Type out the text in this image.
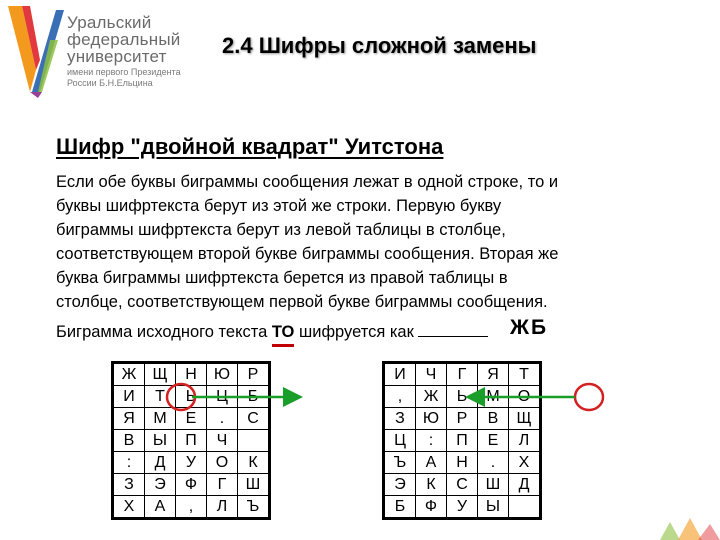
Уральский
федеральный
университет
имени первого Президента
России Б.Н.Ельцина
2.4 Шифры сложной замены
Шифр "двойной квадрат" Уитстона
Если обе буквы биграммы сообщения лежат в одной строке, то и
буквы шифртекста берут из этой же строки. Первую букву
биграммы шифртекста берут из левой таблицы в столбце,
соответствующем второй букве биграммы сообщения. Вторая же
буква биграммы шифртекста берется из правой таблицы в
столбце, соответствующем первой букве биграммы сообщения.
Биграмма исходного текста ТО
шифруется как	ЖБ
Ж	Щ	Н	Ю	Р
И	Т	Ь	Ц	Б
Я	М	Е	.	С
В	Ы	П	Ч	
:	Д	У	О	К
З	Э	Ф	Г	Ш
Х	А	,	Л	Ъ
И	Ч	Г	Я	Т
,	Ж	Ь	М	О
З	Ю	Р	В	Щ
Ц	:	П	Е	Л
Ъ	А	Н	.	Х
Э	К	С	Ш	Д
Б	Ф	У	Ы	
